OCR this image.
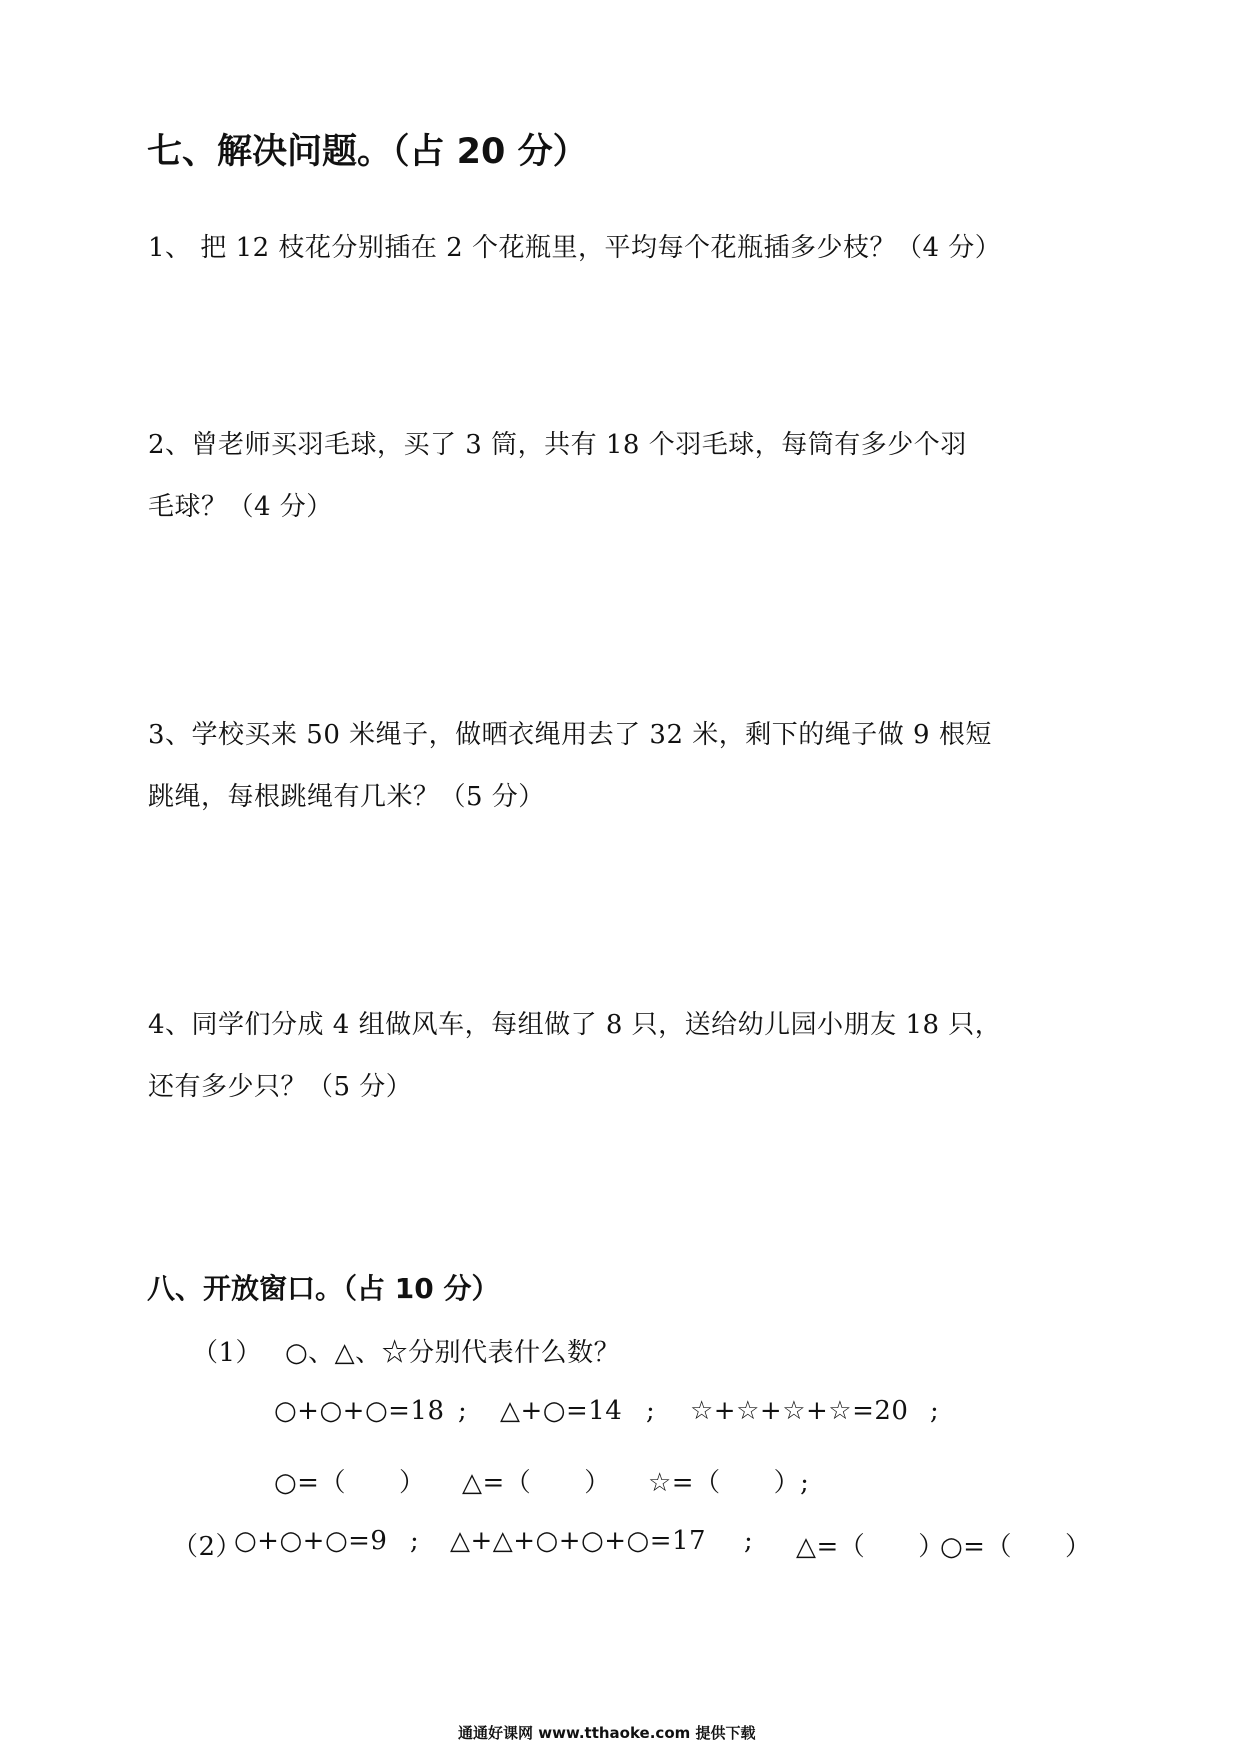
七、解决问题。（占 20 分）
1、 把 12 枝花分别插在 2 个花瓶里，平均每个花瓶插多少枝？（4 分）
2、曾老师买羽毛球，买了 3 筒，共有 18 个羽毛球，每筒有多少个羽
毛球？（4 分）
3、学校买来 50 米绳子，做晒衣绳用去了 32 米，剩下的绳子做 9 根短
跳绳，每根跳绳有几米？（5 分）
4、同学们分成 4 组做风车，每组做了 8 只，送给幼儿园小朋友 18 只，
还有多少只？（5 分）
八、开放窗口。（占 10 分）
（1） ○、△、☆分别代表什么数？
○+○+○=18 ; △+○=14 ; ☆+☆+☆+☆=20 ;
○=（　　） △=（　　） ☆=（　　）;
（2）
○+○+○=9 ; △+△+○+○+○=17 ; △=（　　）
○=（　　）
通通好课网 www.tthaoke.com 提供下载
